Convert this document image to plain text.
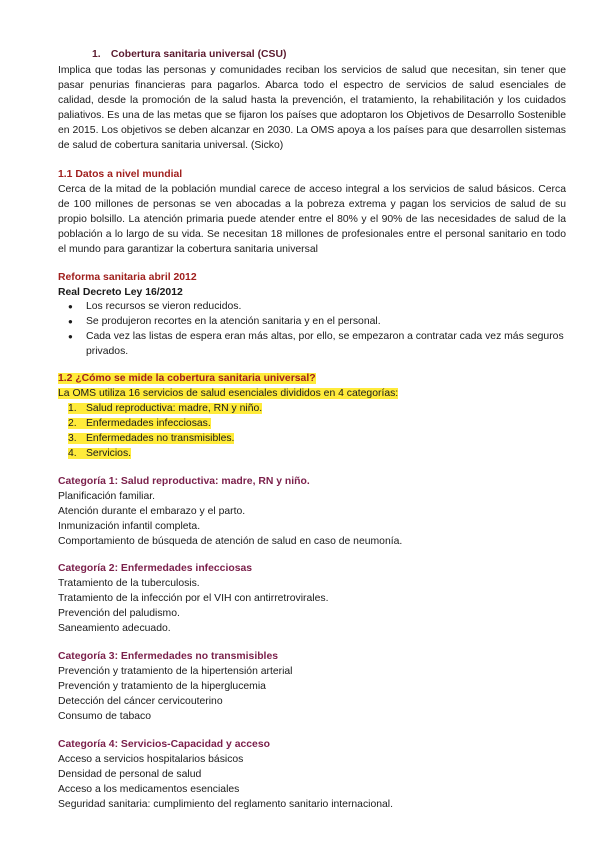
1. Cobertura sanitaria universal (CSU)
Implica que todas las personas y comunidades reciban los servicios de salud que necesitan, sin tener que pasar penurias financieras para pagarlos. Abarca todo el espectro de servicios de salud esenciales de calidad, desde la promoción de la salud hasta la prevención, el tratamiento, la rehabilitación y los cuidados paliativos. Es una de las metas que se fijaron los países que adoptaron los Objetivos de Desarrollo Sostenible en 2015. Los objetivos se deben alcanzar en 2030. La OMS apoya a los países para que desarrollen sistemas de salud de cobertura sanitaria universal. (Sicko)
1.1 Datos a nivel mundial
Cerca de la mitad de la población mundial carece de acceso integral a los servicios de salud básicos. Cerca de 100 millones de personas se ven abocadas a la pobreza extrema y pagan los servicios de salud de su propio bolsillo. La atención primaria puede atender entre el 80% y el 90% de las necesidades de salud de la población a lo largo de su vida. Se necesitan 18 millones de profesionales entre el personal sanitario en todo el mundo para garantizar la cobertura sanitaria universal
Reforma sanitaria abril 2012
Real Decreto Ley 16/2012
● Los recursos se vieron reducidos.
● Se produjeron recortes en la atención sanitaria y en el personal.
● Cada vez las listas de espera eran más altas, por ello, se empezaron a contratar cada vez más seguros privados.
1.2 ¿Cómo se mide la cobertura sanitaria universal?
La OMS utiliza 16 servicios de salud esenciales divididos en 4 categorías:
1. Salud reproductiva: madre, RN y niño.
2. Enfermedades infecciosas.
3. Enfermedades no transmisibles.
4. Servicios.
Categoría 1: Salud reproductiva: madre, RN y niño.
Planificación familiar.
Atención durante el embarazo y el parto.
Inmunización infantil completa.
Comportamiento de búsqueda de atención de salud en caso de neumonía.
Categoría 2: Enfermedades infecciosas
Tratamiento de la tuberculosis.
Tratamiento de la infección por el VIH con antirretrovirales.
Prevención del paludismo.
Saneamiento adecuado.
Categoría 3: Enfermedades no transmisibles
Prevención y tratamiento de la hipertensión arterial
Prevención y tratamiento de la hiperglucemia
Detección del cáncer cervicouterino
Consumo de tabaco
Categoría 4: Servicios-Capacidad y acceso
Acceso a servicios hospitalarios básicos
Densidad de personal de salud
Acceso a los medicamentos esenciales
Seguridad sanitaria: cumplimiento del reglamento sanitario internacional.
